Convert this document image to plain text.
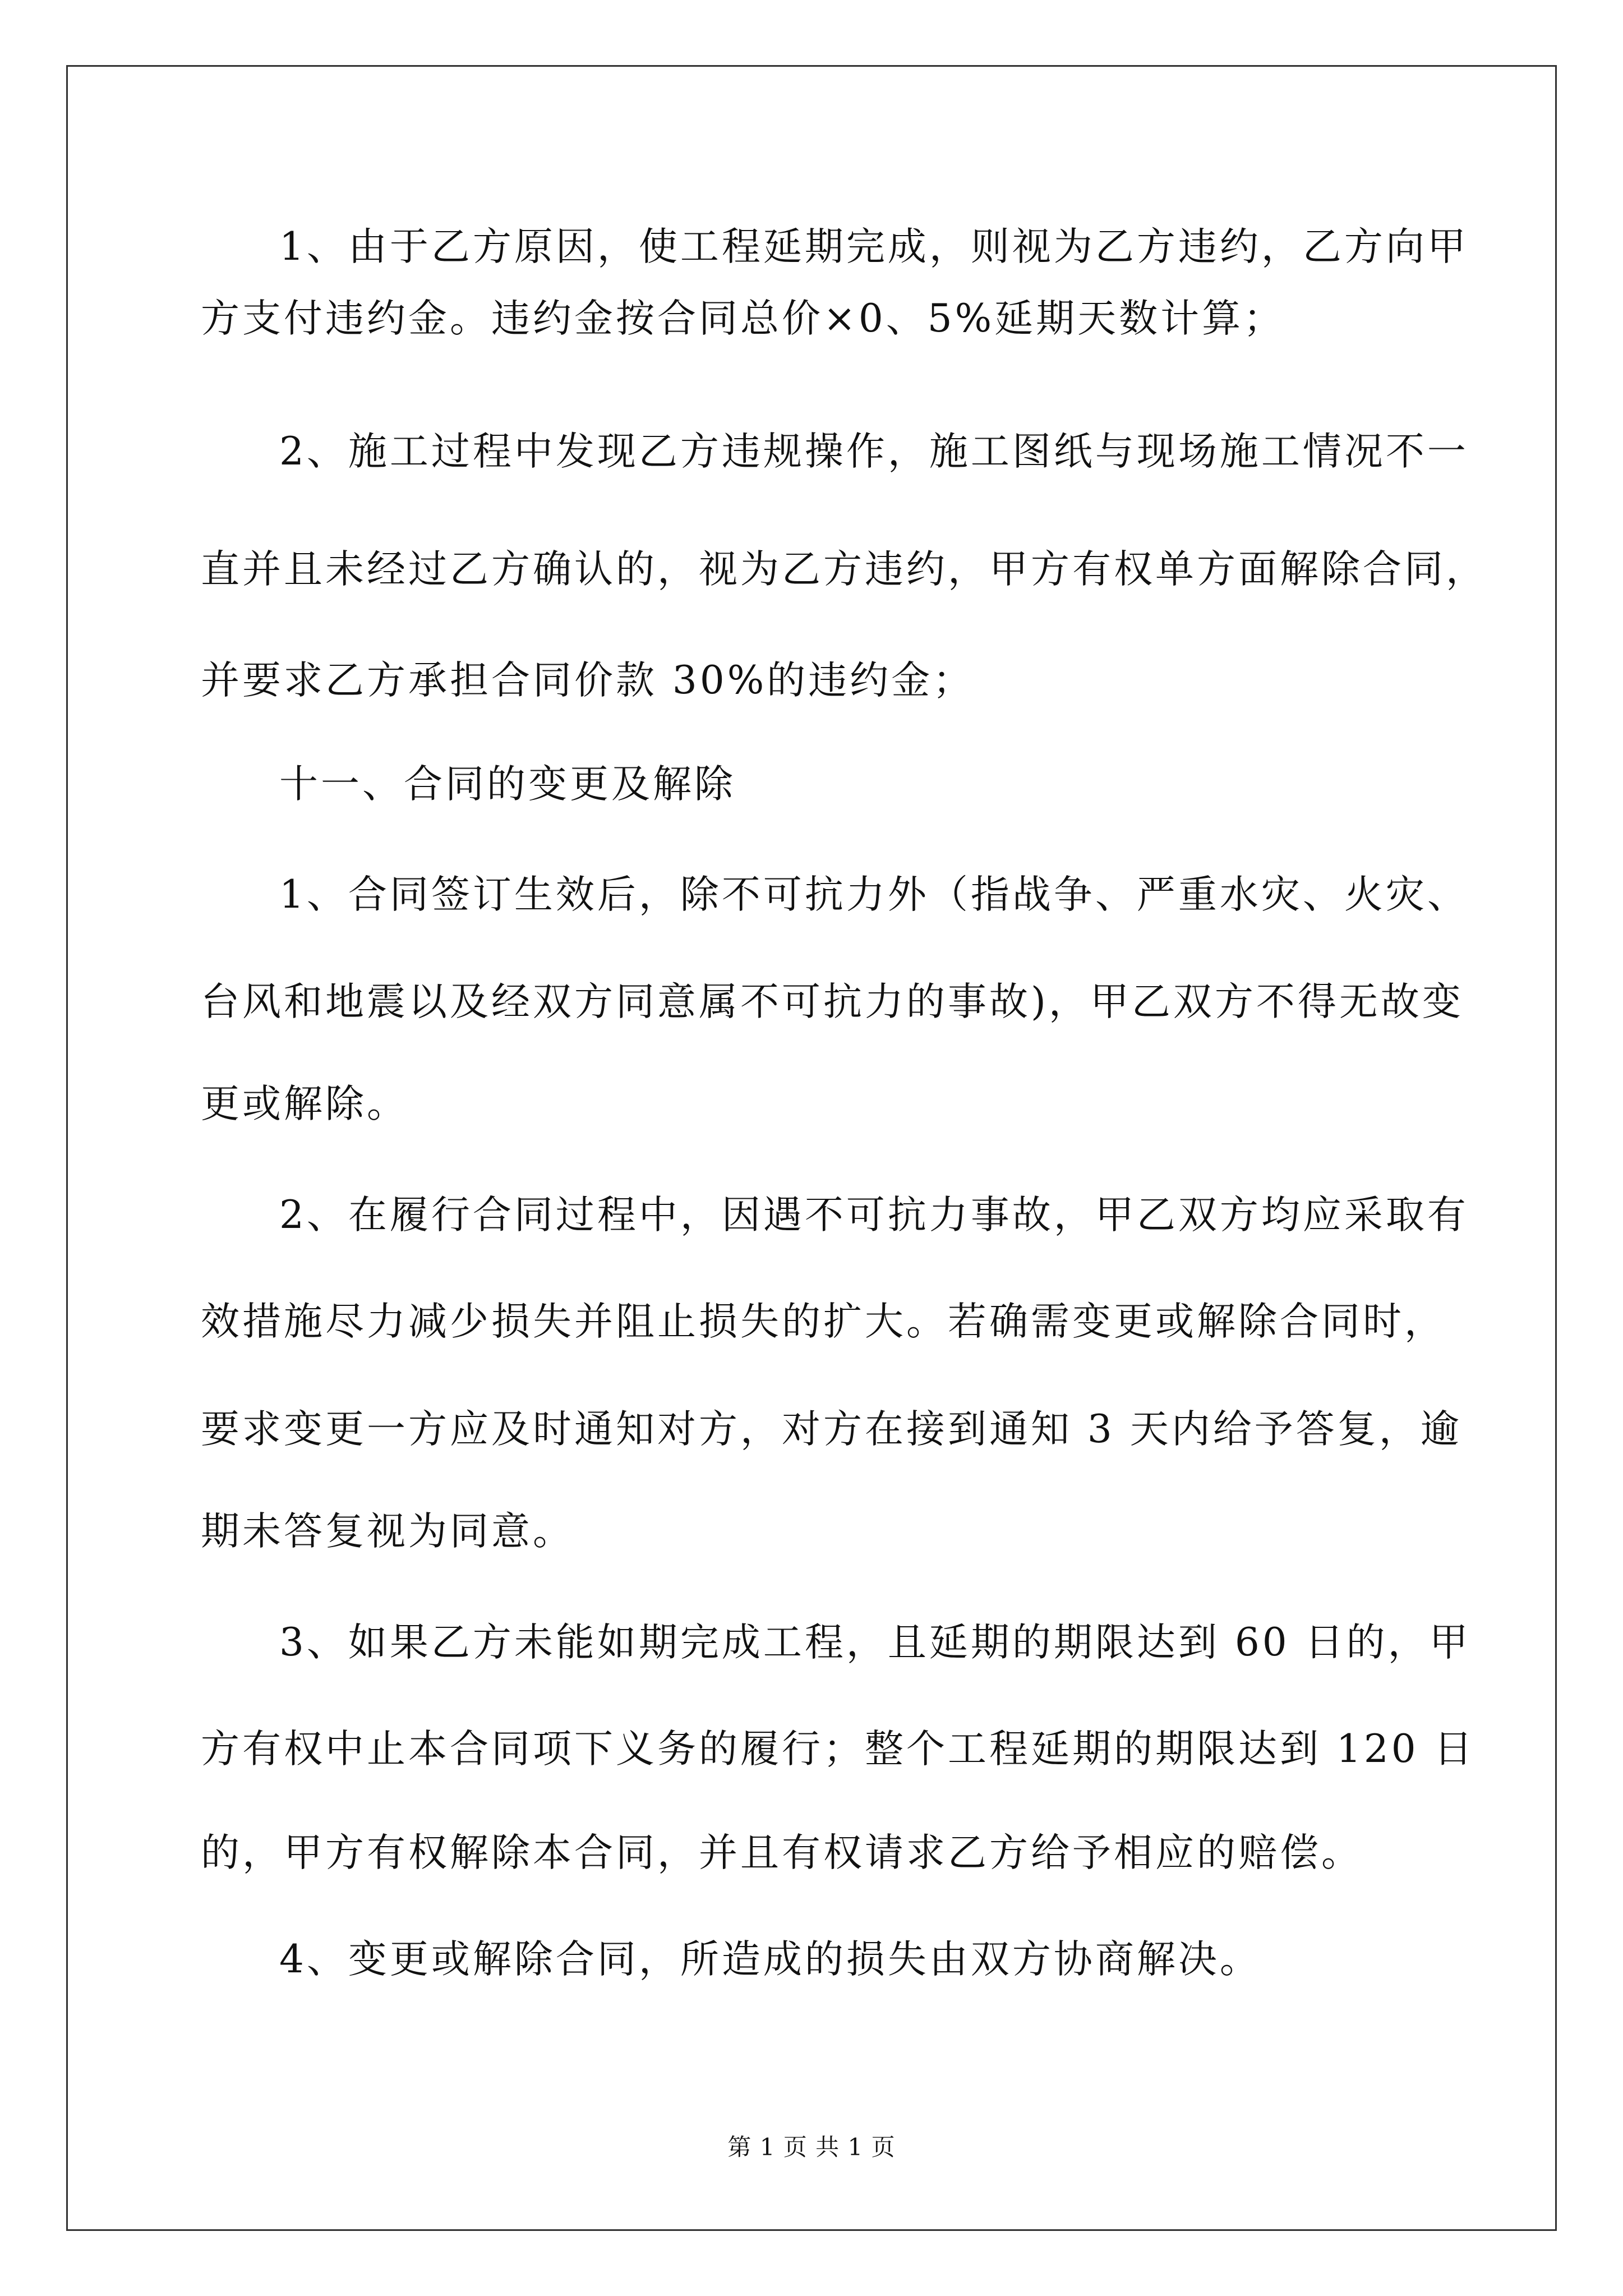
1、由于乙方原因，使工程延期完成，则视为乙方违约，乙方向甲
方支付违约金。违约金按合同总价×0、5%延期天数计算；
2、施工过程中发现乙方违规操作，施工图纸与现场施工情况不一
直并且未经过乙方确认的，视为乙方违约，甲方有权单方面解除合同，
并要求乙方承担合同价款 30%的违约金；
十一、合同的变更及解除
1、合同签订生效后，除不可抗力外（指战争、严重水灾、火灾、
台风和地震以及经双方同意属不可抗力的事故)，甲乙双方不得无故变
更或解除。
2、在履行合同过程中，因遇不可抗力事故，甲乙双方均应采取有
效措施尽力减少损失并阻止损失的扩大。若确需变更或解除合同时，
要求变更一方应及时通知对方，对方在接到通知 3 天内给予答复，逾
期未答复视为同意。
3、如果乙方未能如期完成工程，且延期的期限达到 60 日的，甲
方有权中止本合同项下义务的履行；整个工程延期的期限达到 120 日
的，甲方有权解除本合同，并且有权请求乙方给予相应的赔偿。
4、变更或解除合同，所造成的损失由双方协商解决。
第 1 页 共 1 页
